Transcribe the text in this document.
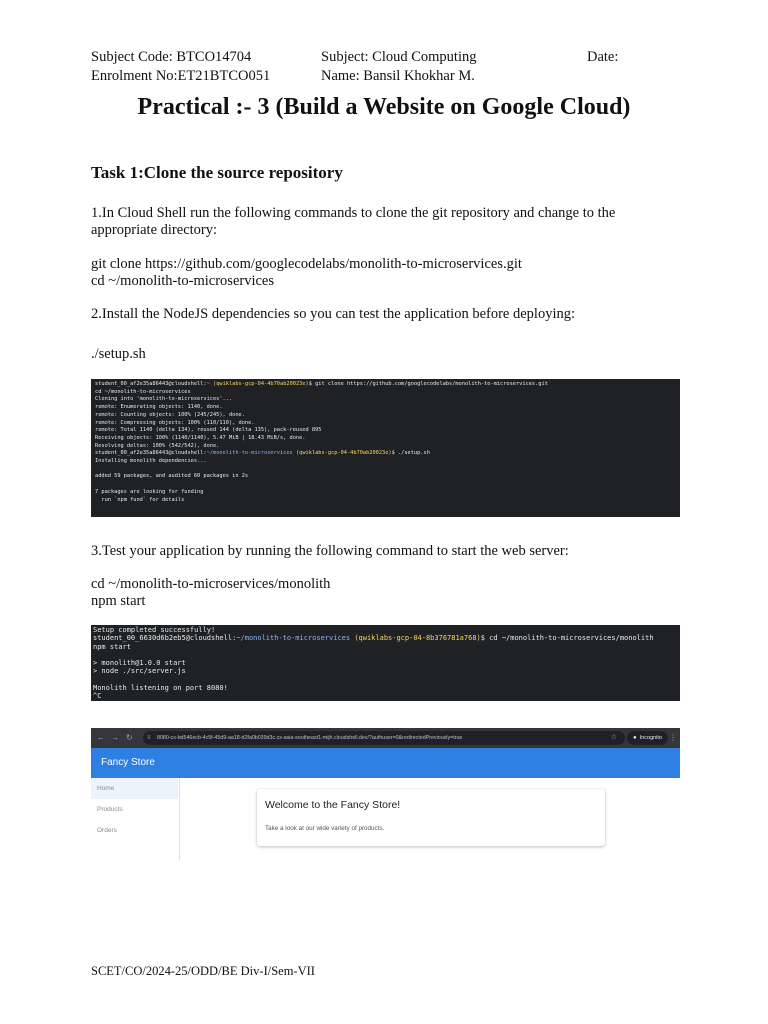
Subject Code: BTCO14704	Subject: Cloud Computing	Date:
Enrolment No:ET21BTCO051	Name: Bansil Khokhar M.
Practical :- 3 (Build a Website on Google Cloud)
Task 1:Clone the source repository
1.In Cloud Shell run the following commands to clone the git repository and change to the
appropriate directory:
git clone https://github.com/googlecodelabs/monolith-to-microservices.git
cd ~/monolith-to-microservices
2.Install the NodeJS dependencies so you can test the application before deploying:
./setup.sh
student_00_af2e35a86443@cloudshell:~ (qwiklabs-gcp-04-4b70ab20023e)$ git clone https://github.com/googlecodelabs/monolith-to-microservices.git
cd ~/monolith-to-microservices
Cloning into 'monolith-to-microservices'...
remote: Enumerating objects: 1140, done.
remote: Counting objects: 100% (245/245), done.
remote: Compressing objects: 100% (110/110), done.
remote: Total 1140 (delta 134), reused 144 (delta 135), pack-reused 895
Receiving objects: 100% (1140/1140), 5.47 MiB | 18.43 MiB/s, done.
Resolving deltas: 100% (542/542), done.
student_00_af2e35a86443@cloudshell:~/monolith-to-microservices (qwiklabs-gcp-04-4b70ab20023e)$ ./setup.sh
Installing monolith dependencies...
added 59 packages, and audited 60 packages in 2s
7 packages are looking for funding
run `npm fund` for details
3.Test your application by running the following command to start the web server:
cd ~/monolith-to-microservices/monolith
npm start
Setup completed successfully!
student_00_6630d6b2eb5@cloudshell:~/monolith-to-microservices (qwiklabs-gcp-04-8b376781a768)$ cd ~/monolith-to-microservices/monolith
npm start
> monolith@1.0.0 start
> node ./src/server.js
Monolith listening on port 8080!
^C
← → ↻ ≡ 8080-cs-bd546ecb-4c5f-45d9-aa18-d2fa0b039d3c.cs-asia-southeast1-mijh.cloudshell.dev/?authuser=0&redirectedPreviously=true	☆	● Incognito ⋮
Fancy Store
Home
Products
Orders
Welcome to the Fancy Store!
Take a look at our wide variety of products.
SCET/CO/2024-25/ODD/BE Div-I/Sem-VII
